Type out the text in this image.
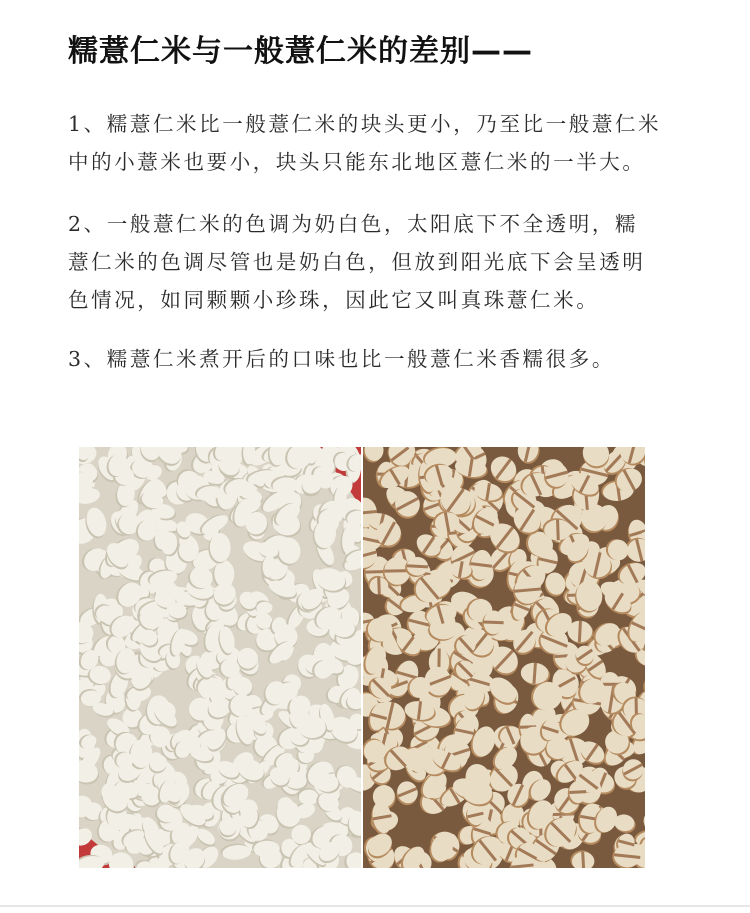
糯薏仁米与一般薏仁米的差别——
1、糯薏仁米比一般薏仁米的块头更小，乃至比一般薏仁米
中的小薏米也要小，块头只能东北地区薏仁米的一半大。
2、一般薏仁米的色调为奶白色，太阳底下不全透明，糯
薏仁米的色调尽管也是奶白色，但放到阳光底下会呈透明
色情况，如同颗颗小珍珠，因此它又叫真珠薏仁米。
3、糯薏仁米煮开后的口味也比一般薏仁米香糯很多。
